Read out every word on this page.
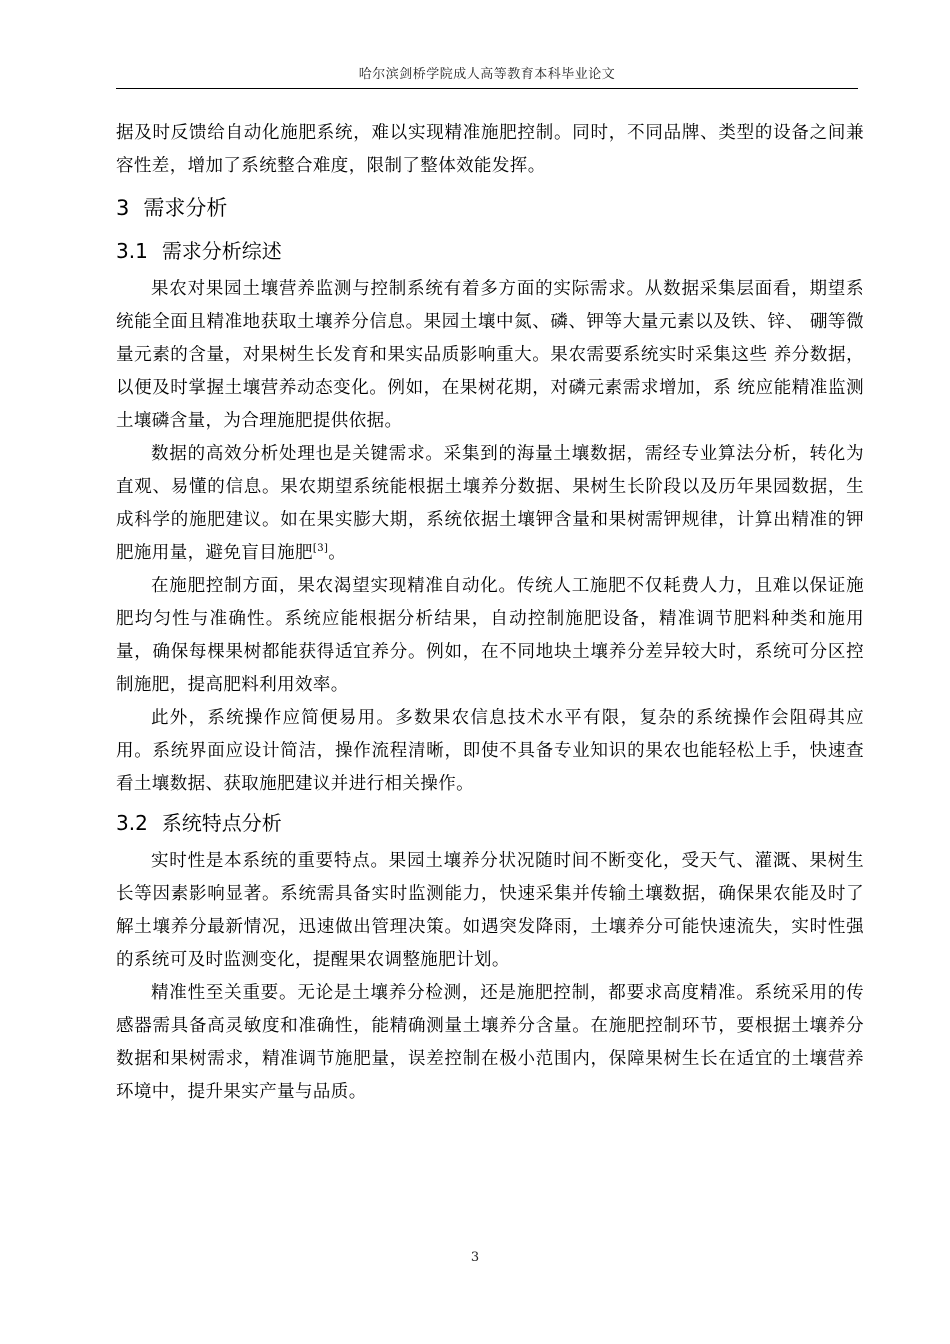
哈尔滨剑桥学院成人高等教育本科毕业论文

据及时反馈给自动化施肥系统，难以实现精准施肥控制。同时，不同品牌、类型的设备之间兼容性差，增加了系统整合难度，限制了整体效能发挥。

3 需求分析
3.1 需求分析综述

果农对果园土壤营养监测与控制系统有着多方面的实际需求。从数据采集层面看，期望系统能全面且精准地获取土壤养分信息。果园土壤中氮、磷、钾等大量元素以及铁、锌、 硼等微量元素的含量，对果树生长发育和果实品质影响重大。果农需要系统实时采集这些 养分数据，以便及时掌握土壤营养动态变化。例如，在果树花期，对磷元素需求增加，系 统应能精准监测土壤磷含量，为合理施肥提供依据。

数据的高效分析处理也是关键需求。采集到的海量土壤数据，需经专业算法分析，转化为直观、易懂的信息。果农期望系统能根据土壤养分数据、果树生长阶段以及历年果园数据，生成科学的施肥建议。如在果实膨大期，系统依据土壤钾含量和果树需钾规律，计算出精准的钾肥施用量，避免盲目施肥[3]。

在施肥控制方面，果农渴望实现精准自动化。传统人工施肥不仅耗费人力，且难以保证施肥均匀性与准确性。系统应能根据分析结果，自动控制施肥设备，精准调节肥料种类和施用量，确保每棵果树都能获得适宜养分。例如，在不同地块土壤养分差异较大时，系统可分区控制施肥，提高肥料利用效率。

此外，系统操作应简便易用。多数果农信息技术水平有限，复杂的系统操作会阻碍其应用。系统界面应设计简洁，操作流程清晰，即使不具备专业知识的果农也能轻松上手，快速查看土壤数据、获取施肥建议并进行相关操作。

3.2 系统特点分析

实时性是本系统的重要特点。果园土壤养分状况随时间不断变化，受天气、灌溉、果树生长等因素影响显著。系统需具备实时监测能力，快速采集并传输土壤数据，确保果农能及时了解土壤养分最新情况，迅速做出管理决策。如遇突发降雨，土壤养分可能快速流失，实时性强的系统可及时监测变化，提醒果农调整施肥计划。

精准性至关重要。无论是土壤养分检测，还是施肥控制，都要求高度精准。系统采用的传感器需具备高灵敏度和准确性，能精确测量土壤养分含量。在施肥控制环节，要根据土壤养分数据和果树需求，精准调节施肥量，误差控制在极小范围内，保障果树生长在适宜的土壤营养环境中，提升果实产量与品质。

3
